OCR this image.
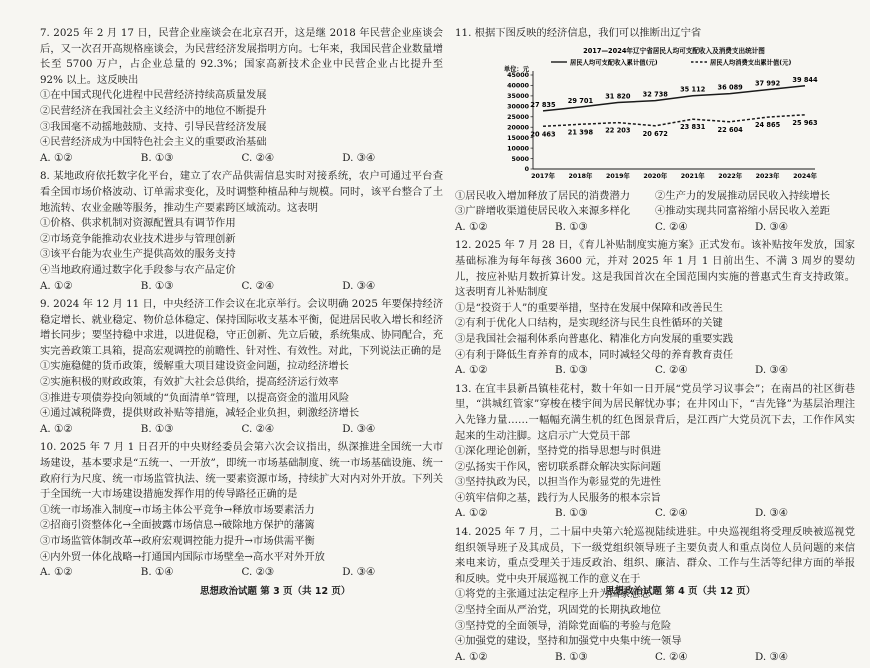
7. 2025 年 2 月 17 日，民营企业座谈会在北京召开，这是继 2018 年民营企业座谈会后，又一次召开高规格座谈会，为民营经济发展指明方向。七年来，我国民营企业数量增长至 5700 万户，占企业总量的 92.3%；国家高新技术企业中民营企业占比提升至 92% 以上。这反映出
①在中国式现代化进程中民营经济持续高质量发展
②民营经济在我国社会主义经济中的地位不断提升
③我国毫不动摇地鼓励、支持、引导民营经济发展
④民营经济成为中国特色社会主义的重要政治基础
A. ①②	B. ①③	C. ②④	D. ③④
8. 某地政府依托数字化平台，建立了农产品供需信息实时对接系统，农户可通过平台查看全国市场价格波动、订单需求变化，及时调整种植品种与规模。同时，该平台整合了土地流转、农业金融等服务，推动生产要素跨区域流动。这表明
①价格、供求机制对资源配置具有调节作用
②市场竞争能推动农业技术进步与管理创新
③该平台能为农业生产提供高效的服务支持
④当地政府通过数字化手段参与农产品定价
A. ①②	B. ①③	C. ②④	D. ③④
9. 2024 年 12 月 11 日，中央经济工作会议在北京举行。会议明确 2025 年要保持经济稳定增长、就业稳定、物价总体稳定、保持国际收支基本平衡，促进居民收入增长和经济增长同步；要坚持稳中求进，以进促稳，守正创新、先立后破，系统集成、协同配合，充实完善政策工具箱，提高宏观调控的前瞻性、针对性、有效性。对此，下列说法正确的是
①实施稳健的货币政策，缓解重大项目建设资金问题，拉动经济增长
②实施积极的财政政策，有效扩大社会总供给，提高经济运行效率
③推进专项债券投向领域的“负面清单”管理，以提高资金的滥用风险
④通过减税降费，提供财政补贴等措施，减轻企业负担，刺激经济增长
A. ①②	B. ①③	C. ②④	D. ③④
10. 2025 年 7 月 1 日召开的中央财经委员会第六次会议指出，纵深推进全国统一大市场建设，基本要求是“五统一、一开放”，即统一市场基础制度、统一市场基础设施、统一政府行为尺度、统一市场监管执法、统一要素资源市场，持续扩大对内对外开放。下列关于全国统一大市场建设措施发挥作用的传导路径正确的是
①统一市场准入制度→市场主体公平竞争→释放市场要素活力
②招商引资整体化→全面披露市场信息→破除地方保护的藩篱
③市场监管体制改革→政府宏观调控能力提升→市场供需平衡
④内外贸一体化战略→打通国内国际市场壁垒→高水平对外开放
A. ①②	B. ①④	C. ②③	D. ③④
11. 根据下图反映的经济信息，我们可以推断出辽宁省
2017—2024年辽宁省居民人均可支配收入及消费支出统计图
居民人均可支配收入累计值(元)	居民人均消费支出累计值(元)
单位：元
0
5000
10000
15000
20000
25000
30000
35000
40000
45000
2017年 2018年 2019年 2020年 2021年 2022年 2023年 2024年
27 835 29 701
31 820 32 738
35 112 36 089 37 992 39 844
20 463 21 398 22 203 20 672
23 831 22 604
24 865 25 963
①居民收入增加释放了居民的消费潜力	②生产力的发展推动居民收入持续增长
③广辟增收渠道使居民收入来源多样化	④推动实现共同富裕缩小居民收入差距
A. ①②	B. ①③	C. ②④	D. ③④
12. 2025 年 7 月 28 日，《育儿补贴制度实施方案》正式发布。该补贴按年发放，国家基础标准为每年每孩 3600 元，并对 2025 年 1 月 1 日前出生、不满 3 周岁的婴幼儿，按应补贴月数折算计发。这是我国首次在全国范围内实施的普惠式生育支持政策。这表明育儿补贴制度
①是“投资于人”的重要举措，坚持在发展中保障和改善民生
②有利于优化人口结构，是实现经济与民生良性循环的关键
③是我国社会福利体系向普惠化、精准化方向发展的重要实践
④有利于降低生育养育的成本，同时减轻父母的养育教育责任
A. ①②	B. ①③	C. ②④	D. ③④
13. 在宜丰县新昌镇桂花村，数十年如一日开展“党员学习议事会”；在南昌的社区街巷里，“洪城红管家”穿梭在楼宇间为居民解忧办事；在井冈山下，“吉先锋”为基层治理注入先锋力量……一幅幅充满生机的红色图景背后，是江西广大党员沉下去，工作作风实起来的生动注脚。这启示广大党员干部
①深化理论创新，坚持党的指导思想与时俱进
②弘扬实干作风，密切联系群众解决实际问题
③坚持执政为民，以担当作为彰显党的先进性
④筑牢信仰之基，践行为人民服务的根本宗旨
A. ①②	B. ①③	C. ②④	D. ③④
14. 2025 年 7 月，二十届中央第六轮巡视陆续进驻。中央巡视组将受理反映被巡视党组织领导班子及其成员，下一级党组织领导班子主要负责人和重点岗位人员问题的来信来电来访，重点受理关于违反政治、组织、廉洁、群众、工作与生活等纪律方面的举报和反映。党中央开展巡视工作的意义在于
①将党的主张通过法定程序上升为国家意志
②坚持全面从严治党，巩固党的长期执政地位
③坚持党的全面领导，消除党面临的考验与危险
④加强党的建设，坚持和加强党中央集中统一领导
A. ①②	B. ①③	C. ②④	D. ③④
思想政治试题 第 3 页（共 12 页）	思想政治试题 第 4 页（共 12 页）
